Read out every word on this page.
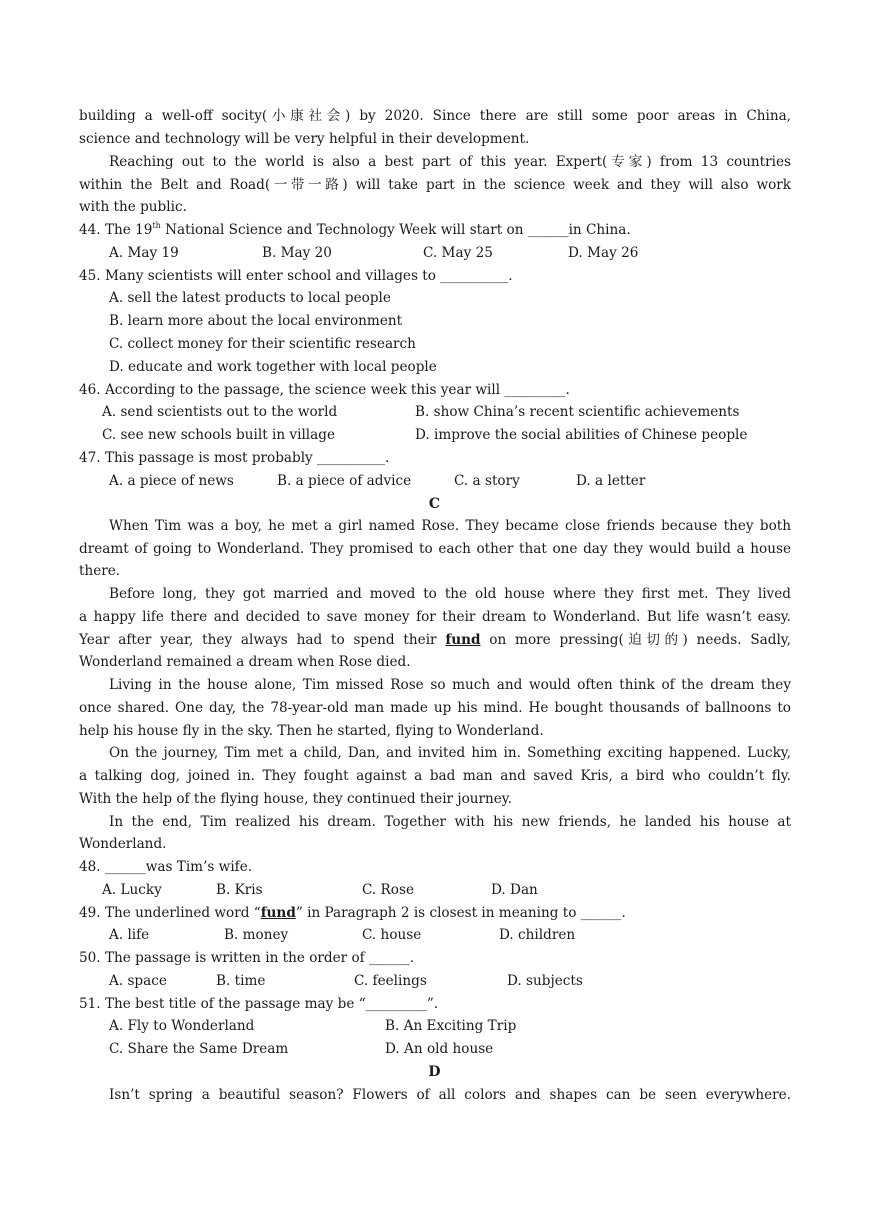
building a well-off socity(小康社会) by 2020. Since there are still some poor areas in China,
science and technology will be very helpful in their development.
Reaching out to the world is also a best part of this year. Expert(专家) from 13 countries
within the Belt and Road(一带一路) will take part in the science week and they will also work
with the public.
44. The 19th National Science and Technology Week will start on ______in China.
A. May 19	B. May 20	C. May 25	D. May 26
45. Many scientists will enter school and villages to __________.
A. sell the latest products to local people
B. learn more about the local environment
C. collect money for their scientific research
D. educate and work together with local people
46. According to the passage, the science week this year will _________.
A. send scientists out to the world	B. show China’s recent scientific achievements
C. see new schools built in village	D. improve the social abilities of Chinese people
47. This passage is most probably __________.
A. a piece of news	B. a piece of advice	C. a story	D. a letter
C
When Tim was a boy, he met a girl named Rose. They became close friends because they both
dreamt of going to Wonderland. They promised to each other that one day they would build a house
there.
Before long, they got married and moved to the old house where they first met. They lived
a happy life there and decided to save money for their dream to Wonderland. But life wasn’t easy.
Year after year, they always had to spend their fund on more pressing(迫切的) needs. Sadly,
Wonderland remained a dream when Rose died.
Living in the house alone, Tim missed Rose so much and would often think of the dream they
once shared. One day, the 78-year-old man made up his mind. He bought thousands of ballnoons to
help his house fly in the sky. Then he started, flying to Wonderland.
On the journey, Tim met a child, Dan, and invited him in. Something exciting happened. Lucky,
a talking dog, joined in. They fought against a bad man and saved Kris, a bird who couldn’t fly.
With the help of the flying house, they continued their journey.
In the end, Tim realized his dream. Together with his new friends, he landed his house at
Wonderland.
48. ______was Tim’s wife.
A. Lucky	B. Kris	C. Rose	D. Dan
49. The underlined word “fund” in Paragraph 2 is closest in meaning to ______.
A. life	B. money	C. house	D. children
50. The passage is written in the order of ______.
A. space	B. time	C. feelings	D. subjects
51. The best title of the passage may be “_________”.
A. Fly to Wonderland	B. An Exciting Trip
C. Share the Same Dream	D. An old house
D
Isn’t spring a beautiful season? Flowers of all colors and shapes can be seen everywhere.
